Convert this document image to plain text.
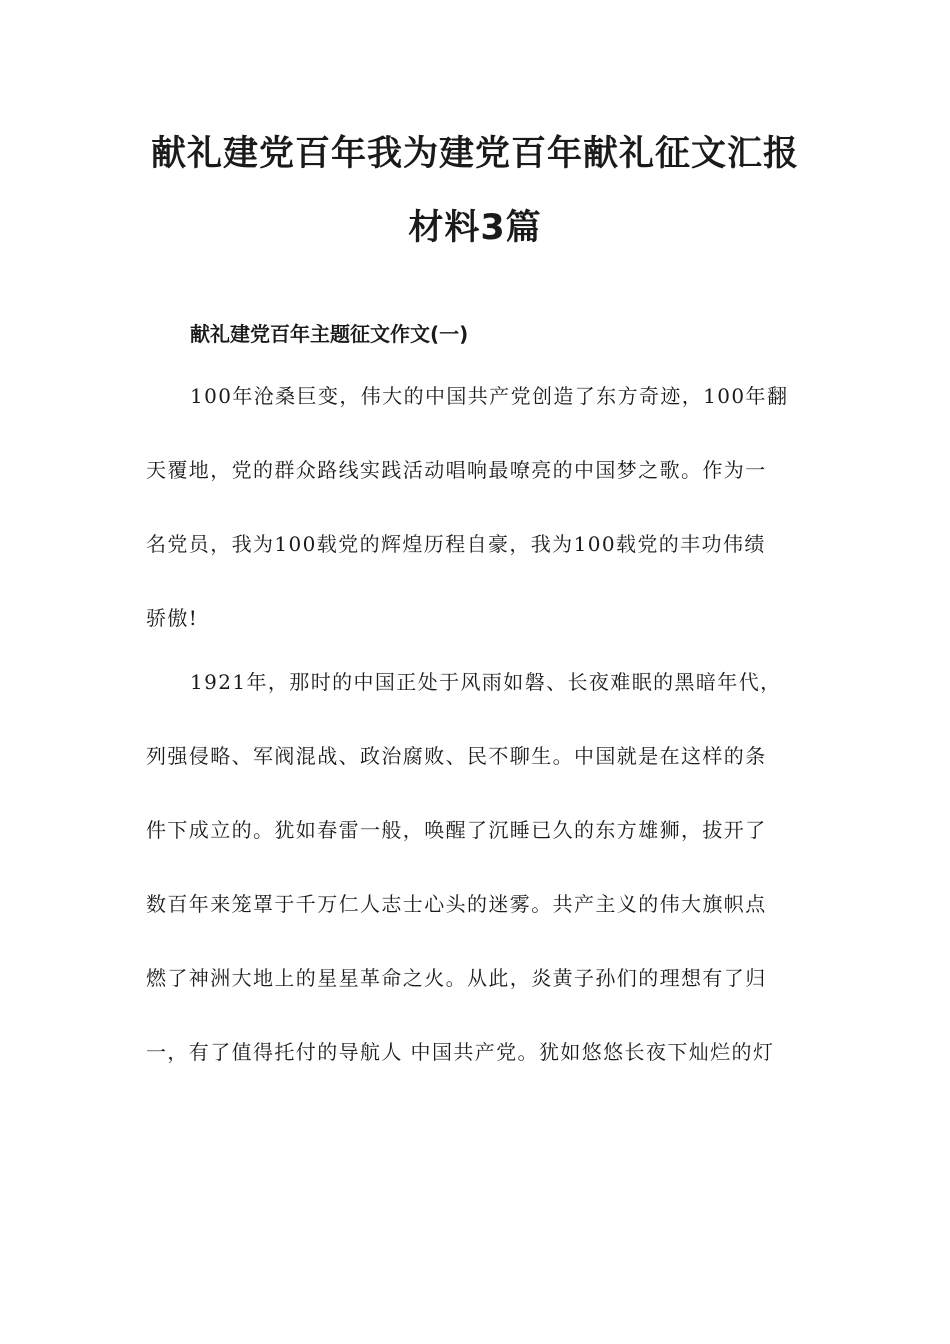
献礼建党百年我为建党百年献礼征文汇报
材料3篇
献礼建党百年主题征文作文(一)
100年沧桑巨变，伟大的中国共产党创造了东方奇迹，100年翻
天覆地，党的群众路线实践活动唱响最嘹亮的中国梦之歌。作为一
名党员，我为100载党的辉煌历程自豪，我为100载党的丰功伟绩
骄傲!
1921年，那时的中国正处于风雨如磐、长夜难眠的黑暗年代，
列强侵略、军阀混战、政治腐败、民不聊生。中国就是在这样的条
件下成立的。犹如春雷一般，唤醒了沉睡已久的东方雄狮，拔开了
数百年来笼罩于千万仁人志士心头的迷雾。共产主义的伟大旗帜点
燃了神洲大地上的星星革命之火。从此，炎黄子孙们的理想有了归
一，有了值得托付的导航人 中国共产党。犹如悠悠长夜下灿烂的灯
